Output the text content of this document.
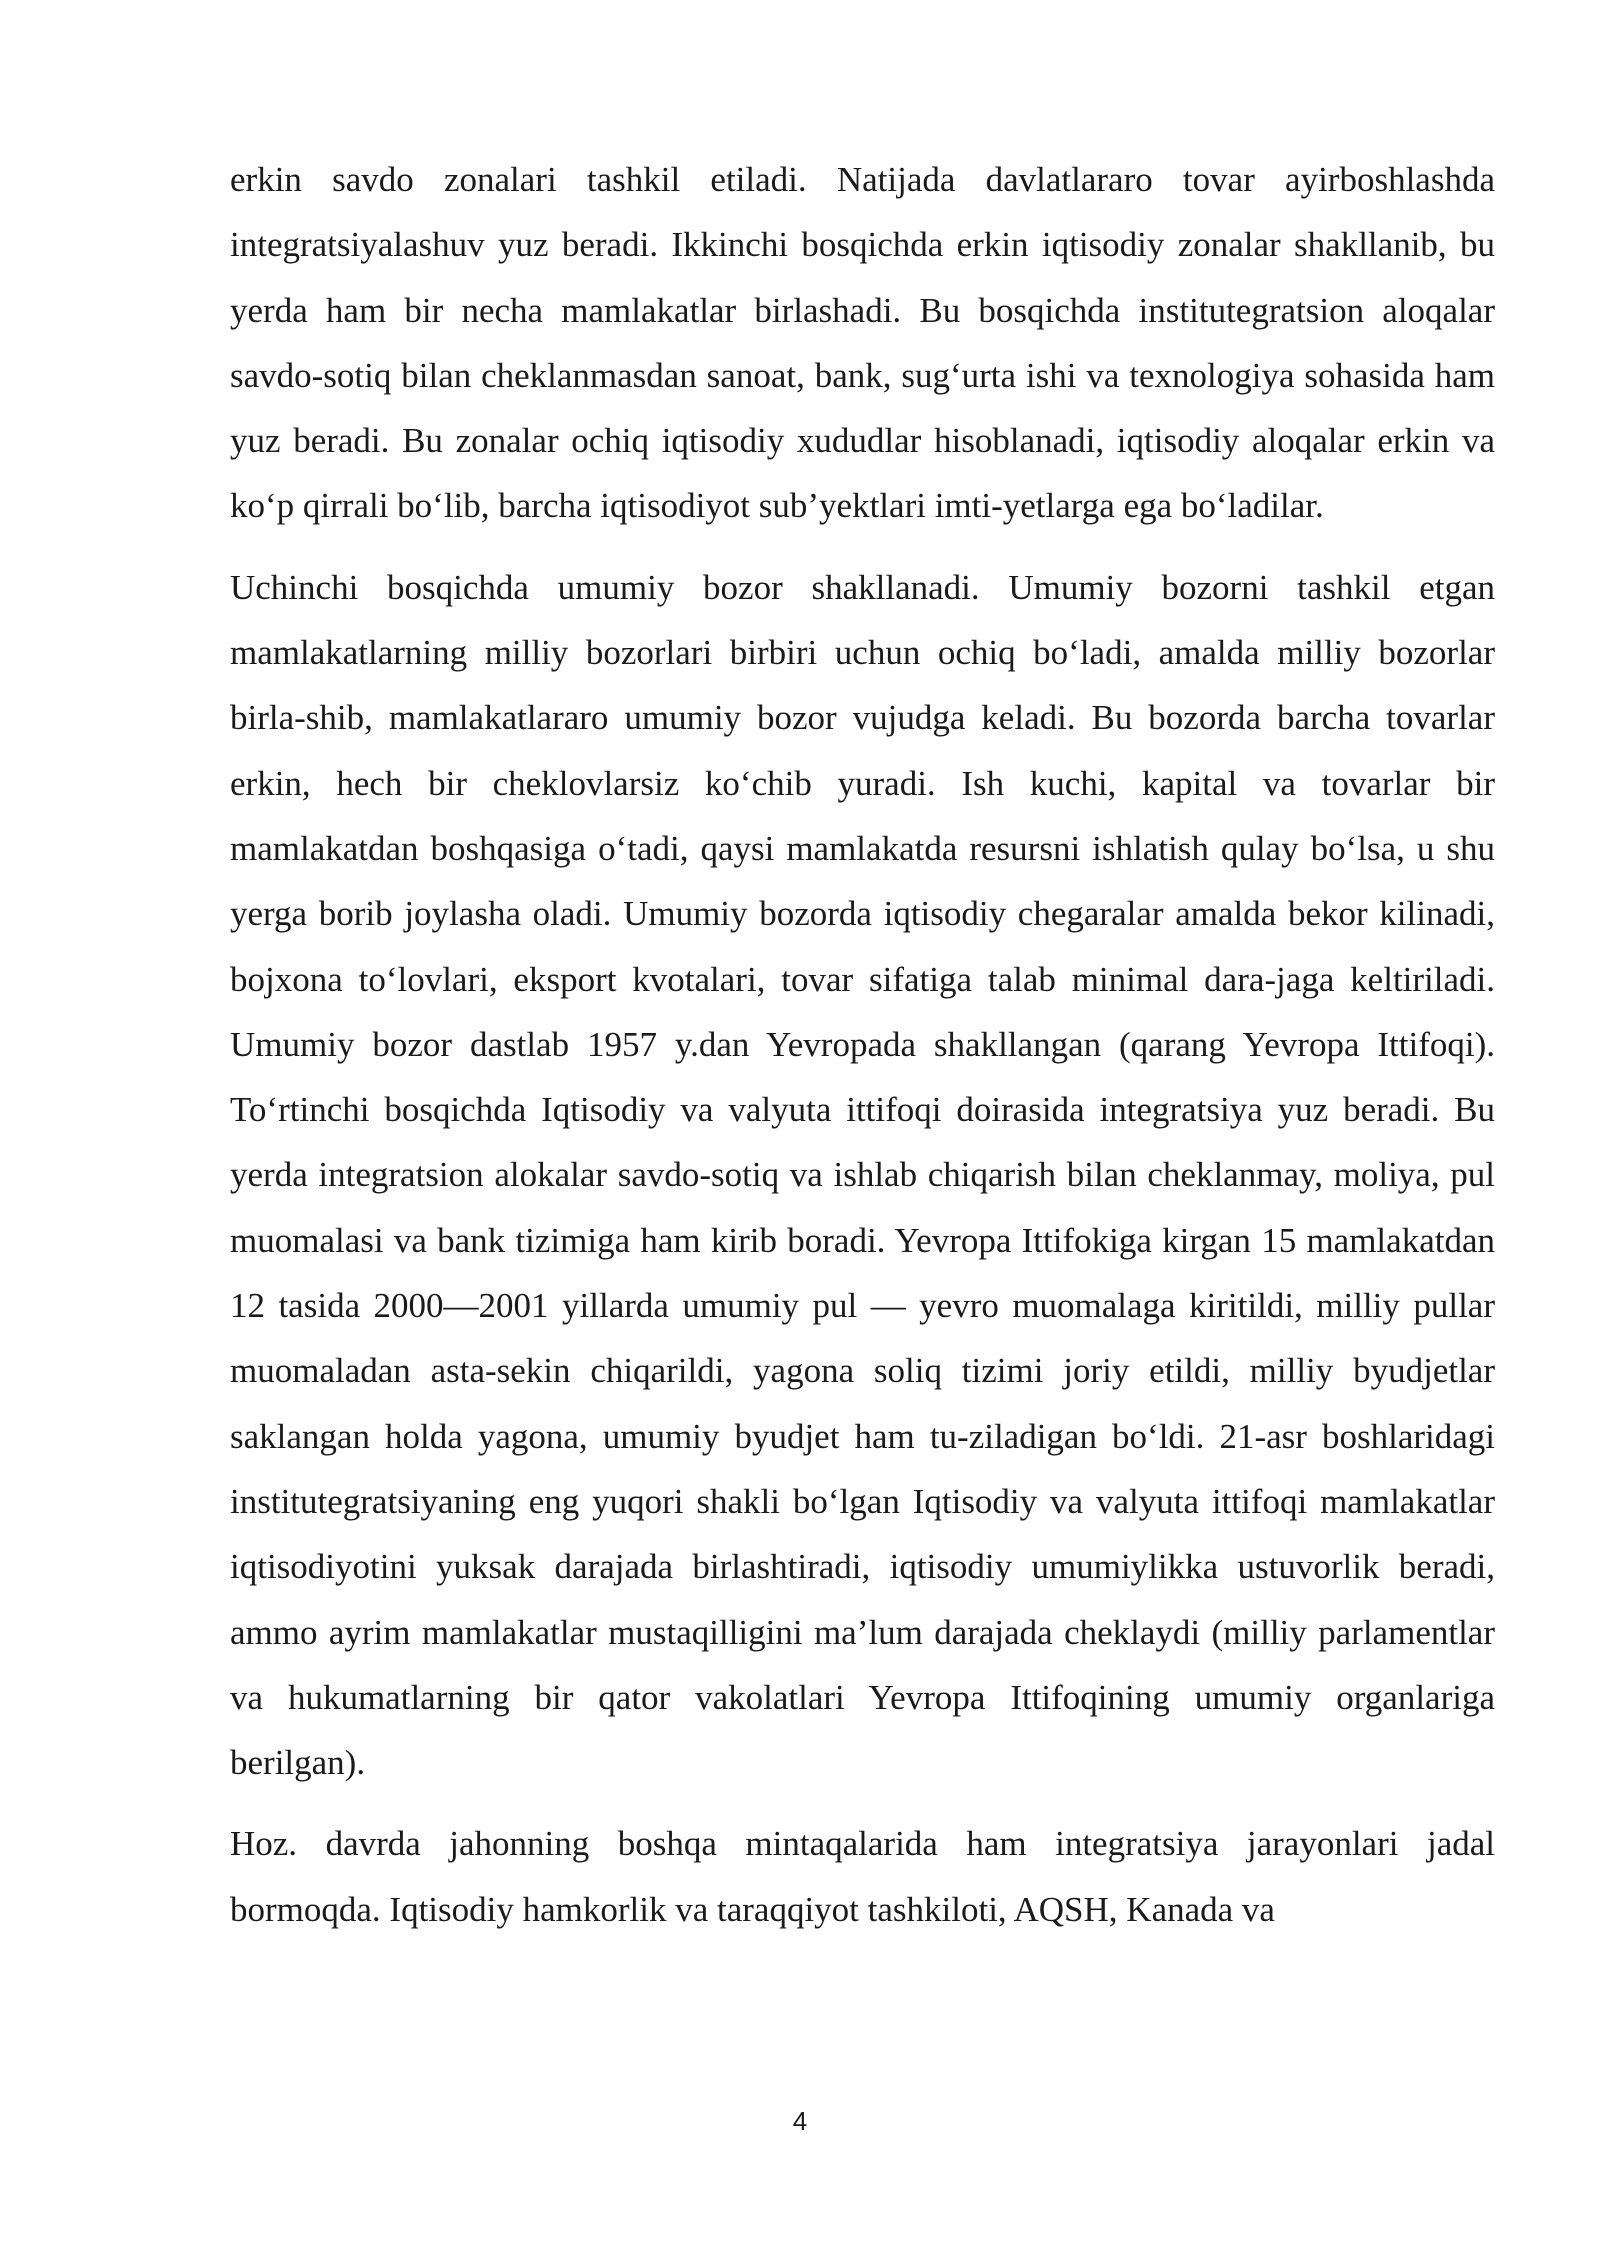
erkin savdo zonalari tashkil etiladi. Natijada davlatlararo tovar ayirboshlashda integratsiyalashuv yuz beradi. Ikkinchi bosqichda erkin iqtisodiy zonalar shakllanib, bu yerda ham bir necha mamlakatlar birlashadi. Bu bosqichda institutegratsion aloqalar savdo-sotiq bilan cheklanmasdan sanoat, bank, sug‘urta ishi va texnologiya sohasida ham yuz beradi. Bu zonalar ochiq iqtisodiy xududlar hisoblanadi, iqtisodiy aloqalar erkin va ko‘p qirrali bo‘lib, barcha iqtisodiyot sub’yektlari imti-yetlarga ega bo‘ladilar.

Uchinchi bosqichda umumiy bozor shakllanadi. Umumiy bozorni tashkil etgan mamlakatlarning milliy bozorlari birbiri uchun ochiq bo‘ladi, amalda milliy bozorlar birla-shib, mamlakatlararo umumiy bozor vujudga keladi. Bu bozorda barcha tovarlar erkin, hech bir cheklovlarsiz ko‘chib yuradi. Ish kuchi, kapital va tovarlar bir mamlakatdan boshqasiga o‘tadi, qaysi mamlakatda resursni ishlatish qulay bo‘lsa, u shu yerga borib joylasha oladi. Umumiy bozorda iqtisodiy chegaralar amalda bekor kilinadi, bojxona to‘lovlari, eksport kvotalari, tovar sifatiga talab minimal dara-jaga keltiriladi. Umumiy bozor dastlab 1957 y.dan Yevropada shakllangan (qarang Yevropa Ittifoqi). To‘rtinchi bosqichda Iqtisodiy va valyuta ittifoqi doirasida integratsiya yuz beradi. Bu yerda integratsion alokalar savdo-sotiq va ishlab chiqarish bilan cheklanmay, moliya, pul muomalasi va bank tizimiga ham kirib boradi. Yevropa Ittifokiga kirgan 15 mamlakatdan 12 tasida 2000—2001 yillarda umumiy pul — yevro muomalaga kiritildi, milliy pullar muomaladan asta-sekin chiqarildi, yagona soliq tizimi joriy etildi, milliy byudjetlar saklangan holda yagona, umumiy byudjet ham tu-ziladigan bo‘ldi. 21-asr boshlaridagi institutegratsiyaning eng yuqori shakli bo‘lgan Iqtisodiy va valyuta ittifoqi mamlakatlar iqtisodiyotini yuksak darajada birlashtiradi, iqtisodiy umumiylikka ustuvorlik beradi, ammo ayrim mamlakatlar mustaqilligini ma’lum darajada cheklaydi (milliy parlamentlar va hukumatlarning bir qator vakolatlari Yevropa Ittifoqining umumiy organlariga berilgan).

Hoz. davrda jahonning boshqa mintaqalarida ham integratsiya jarayonlari jadal bormoqda. Iqtisodiy hamkorlik va taraqqiyot tashkiloti, AQSH, Kanada va

4
